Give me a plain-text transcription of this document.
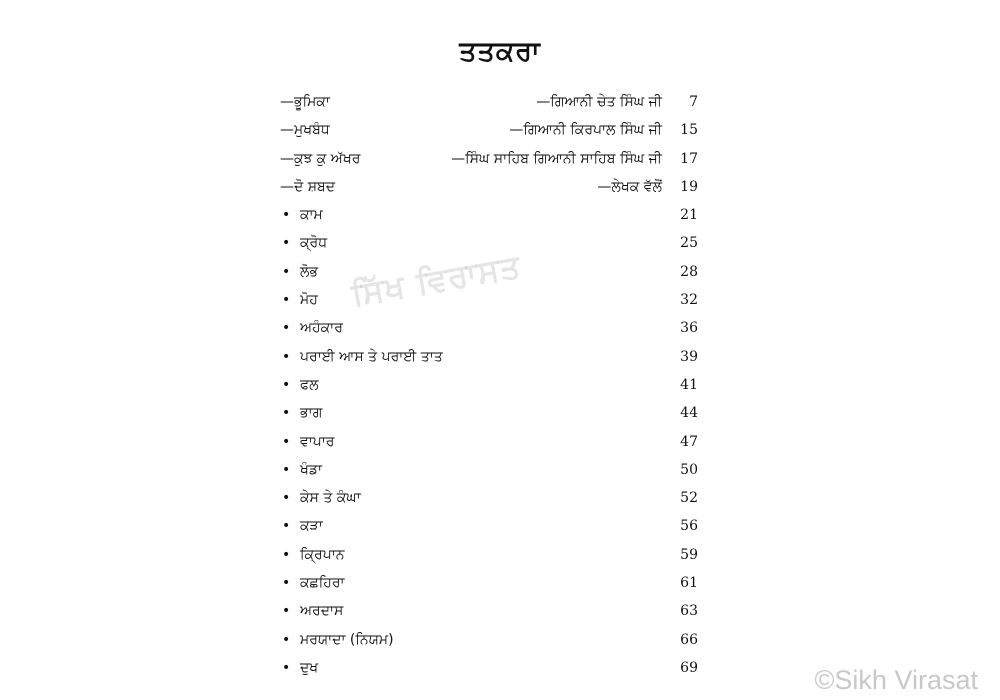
ਤਤਕਰਾ
—ਭੂਮਿਕਾ	—ਗਿਆਨੀ ਚੇਤ ਸਿੰਘ ਜੀ 7
—ਮੁਖਬੰਧ	—ਗਿਆਨੀ ਕਿਰਪਾਲ ਸਿੰਘ ਜੀ 15
—ਕੁਝ ਕੁ ਅੱਖਰ	—ਸਿੰਘ ਸਾਹਿਬ ਗਿਆਨੀ ਸਾਹਿਬ ਸਿੰਘ ਜੀ 17
—ਦੋ ਸ਼ਬਦ	—ਲੇਖਕ ਵੱਲੋਂ 19
• ਕਾਮ	21
• ਕ੍ਰੋਧ	25
• ਲੋਭ	28
• ਮੋਹ	32
• ਅਹੰਕਾਰ	36
• ਪਰਾਈ ਆਸ ਤੇ ਪਰਾਈ ਤਾਤ	39
• ਫਲ	41
• ਭਾਗ	44
• ਵਾਪਾਰ	47
• ਖੰਡਾ	50
• ਕੇਸ ਤੇ ਕੰਘਾ	52
• ਕੜਾ	56
• ਕ੍ਰਿਪਾਨ	59
• ਕਛਹਿਰਾ	61
• ਅਰਦਾਸ	63
• ਮਰਯਾਦਾ (ਨਿਯਮ)	66
• ਦੁਖ	69
ਸਿੱਖ ਵਿਰਾਸਤ
©Sikh Virasat
